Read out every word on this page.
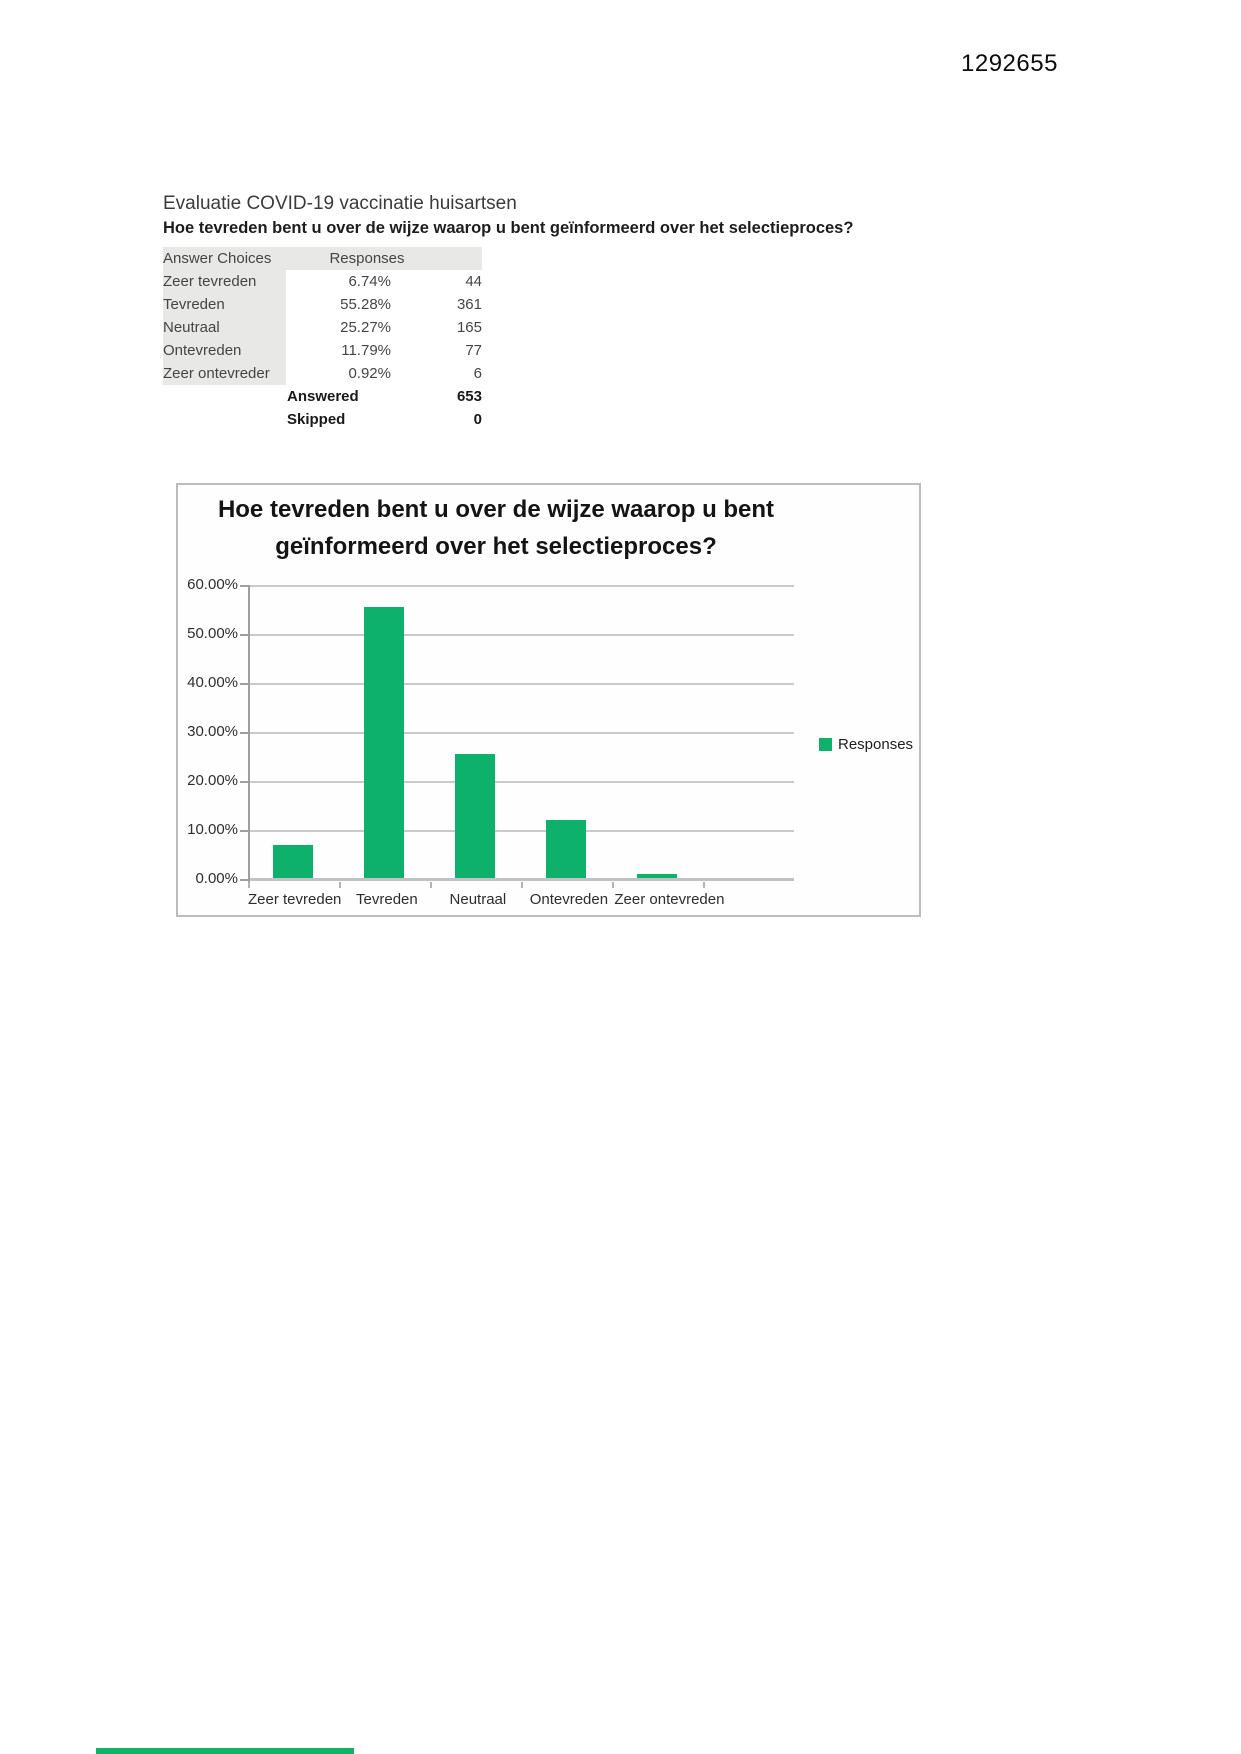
1292655
Evaluatie COVID-19 vaccinatie huisartsen
Hoe tevreden bent u over de wijze waarop u bent geïnformeerd over het selectieproces?
Answer Choices	Responses	
Zeer tevreden	6.74%	44
Tevreden	55.28%	361
Neutraal	25.27%	165
Ontevreden	11.79%	77
Zeer ontevreder	0.92%	6
	Answered	653
	Skipped	0
Hoe tevreden bent u over de wijze waarop u bent geïnformeerd over het selectieproces?
60.00%
50.00%
40.00%
30.00%
20.00%
10.00%
0.00%
Zeer tevreden Tevreden Neutraal Ontevreden Zeer ontevreden
Responses
